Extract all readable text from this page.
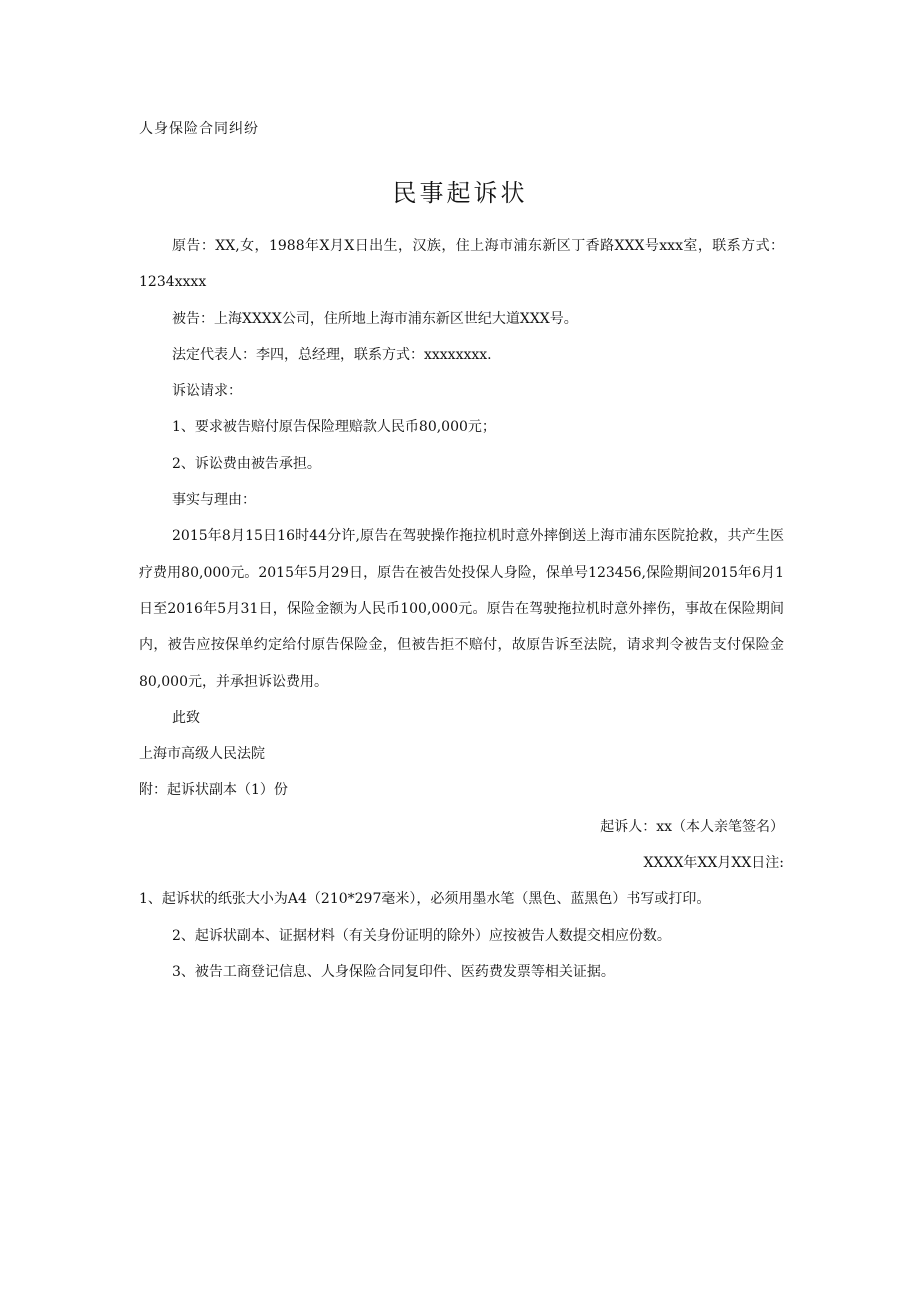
人身保险合同纠纷
民事起诉状

原告：XX,女，1988年X月X日出生，汉族，住上海市浦东新区丁香路XXX号xxx室，联系方式：1234xxxx

被告：上海XXXX公司，住所地上海市浦东新区世纪大道XXX号。

法定代表人：李四，总经理，联系方式：xxxxxxxx.

诉讼请求：

1、要求被告赔付原告保险理赔款人民币80,000元；

2、诉讼费由被告承担。

事实与理由：

2015年8月15日16时44分许,原告在驾驶操作拖拉机时意外摔倒送上海市浦东医院抢救，共产生医疗费用80,000元。2015年5月29日，原告在被告处投保人身险，保单号123456,保险期间2015年6月1日至2016年5月31日，保险金额为人民币100,000元。原告在驾驶拖拉机时意外摔伤，事故在保险期间内，被告应按保单约定给付原告保险金，但被告拒不赔付，故原告诉至法院，请求判令被告支付保险金80,000元，并承担诉讼费用。

此致

上海市高级人民法院

附：起诉状副本（1）份

起诉人：xx（本人亲笔签名）

XXXX年XX月XX日注:

1、起诉状的纸张大小为A4（210*297毫米），必须用墨水笔（黑色、蓝黑色）书写或打印。

2、起诉状副本、证据材料（有关身份证明的除外）应按被告人数提交相应份数。

3、被告工商登记信息、人身保险合同复印件、医药费发票等相关证据。
